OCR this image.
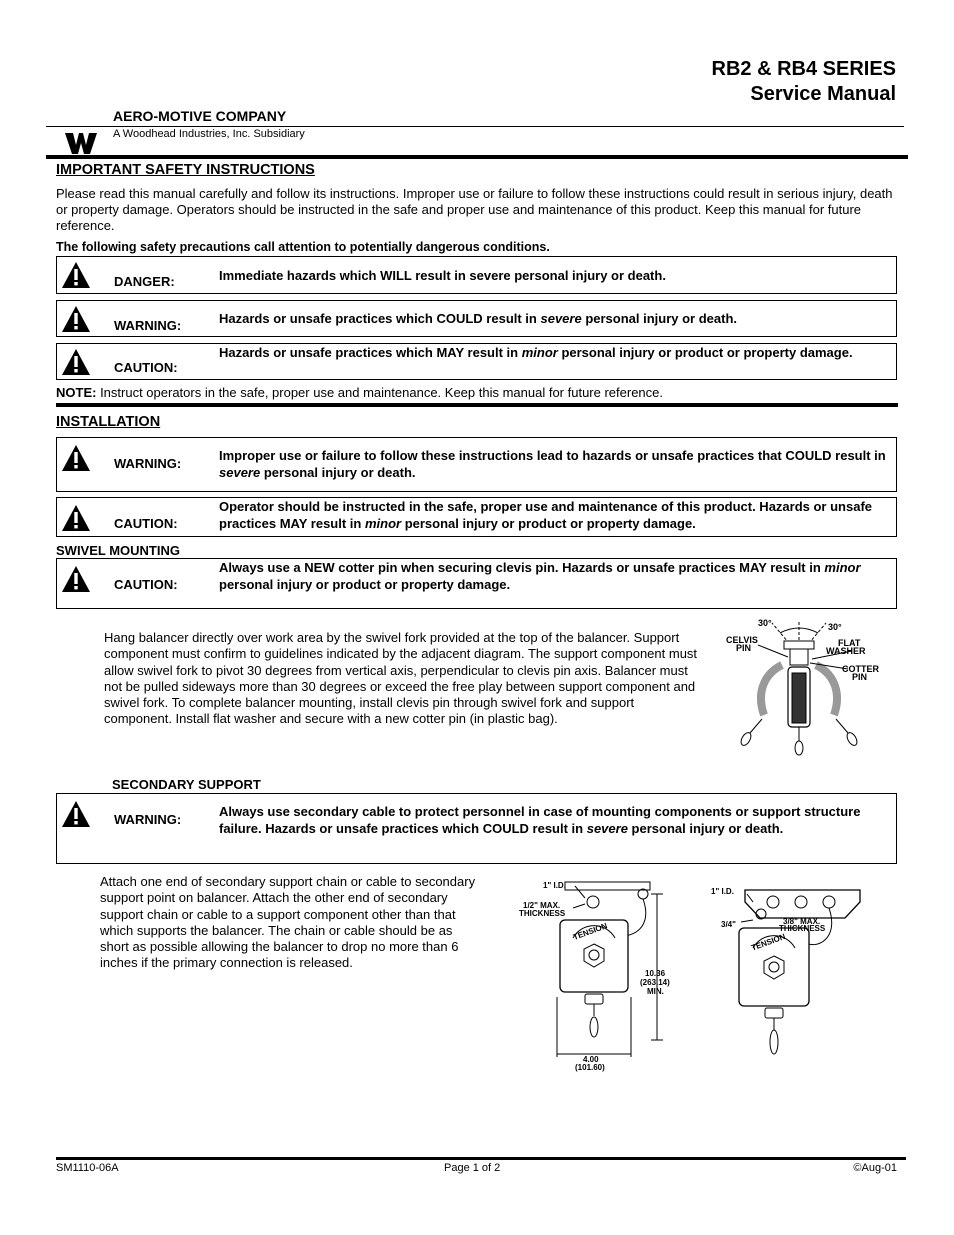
RB2 & RB4 SERIES
Service Manual
AERO-MOTIVE COMPANY
A Woodhead Industries, Inc. Subsidiary
IMPORTANT SAFETY INSTRUCTIONS
Please read this manual carefully and follow its instructions. Improper use or failure to follow these instructions could result in serious injury, death or property damage. Operators should be instructed in the safe and proper use and maintenance of this product. Keep this manual for future reference.
The following safety precautions call attention to potentially dangerous conditions.
DANGER:	Immediate hazards which WILL result in severe personal injury or death.
WARNING:	Hazards or unsafe practices which COULD result in severe personal injury or death.
CAUTION:
Hazards or unsafe practices which MAY result in minor personal injury or product or property damage.
NOTE: Instruct operators in the safe, proper use and maintenance. Keep this manual for future reference.
INSTALLATION
WARNING:
Improper use or failure to follow these instructions lead to hazards or unsafe practices that COULD result in severe personal injury or death.
CAUTION:
Operator should be instructed in the safe, proper use and maintenance of this product. Hazards or unsafe practices MAY result in minor personal injury or product or property damage.
SWIVEL MOUNTING
CAUTION:
Always use a NEW cotter pin when securing clevis pin. Hazards or unsafe practices MAY result in minor personal injury or product or property damage.
Hang balancer directly over work area by the swivel fork provided at the top of the balancer. Support component must confirm to guidelines indicated by the adjacent diagram. The support component must allow swivel fork to pivot 30 degrees from vertical axis, perpendicular to clevis pin axis. Balancer must not be pulled sideways more than 30 degrees or exceed the free play between support component and swivel fork. To complete balancer mounting, install clevis pin through swivel fork and support component. Install flat washer and secure with a new cotter pin (in plastic bag).
30°	30°
CELVIS
PIN	FLAT
WASHER
COTTER
PIN
SECONDARY SUPPORT
WARNING:
Always use secondary cable to protect personnel in case of mounting components or support structure failure. Hazards or unsafe practices which COULD result in severe personal injury or death.
Attach one end of secondary support chain or cable to secondary support point on balancer. Attach the other end of secondary support chain or cable to a support component other than that which supports the balancer. The chain or cable should be as short as possible allowing the balancer to drop no more than 6 inches if the primary connection is released.
1" I.D.
1/2" MAX.
THICKNESS
TENSION
10.36
(263.14)
MIN.
4.00
(101.60)
1" I.D.
3/4"	3/8" MAX.
THICKNESS
TENSION
SM1110-06A	Page 1 of 2	©Aug-01
